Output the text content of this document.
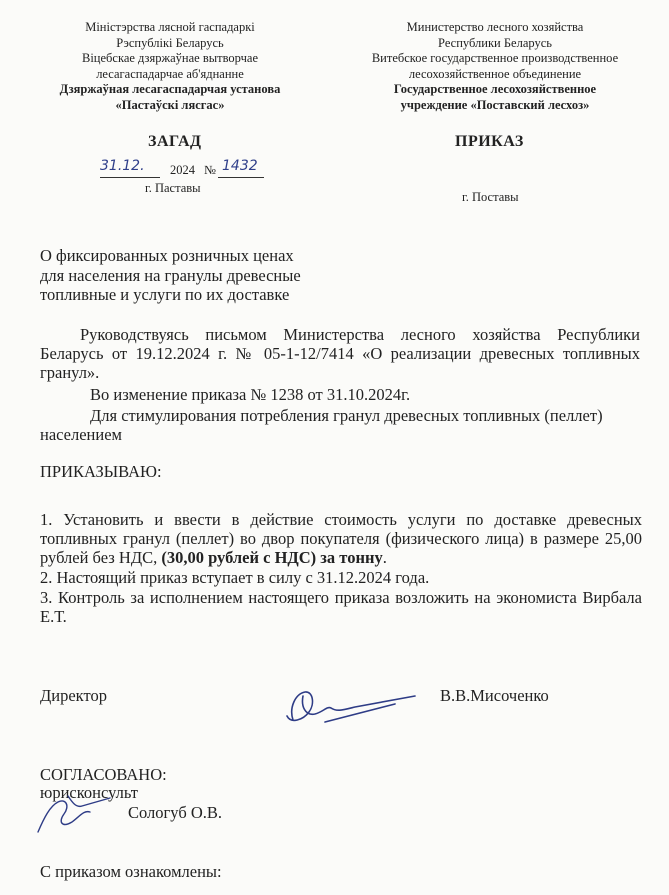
Міністэрства лясной гаспадаркі
Рэспублікі Беларусь
Віцебскае дзяржаўнае вытворчае
лесагаспадарчае аб'яднанне
Дзяржаўная лесагаспадарчая установа
«Пастаўскі лясгас»
Министерство лесного хозяйства
Республики Беларусь
Витебское государственное производственное
лесохозяйственное объединение
Государственное лесохозяйственное
учреждение «Поставский лесхоз»
ЗАГАД	ПРИКАЗ
31.12. 2024 № 1432
г. Паставы
г. Поставы
О фиксированных розничных ценах
для населения на гранулы древесные
топливные и услуги по их доставке
Руководствуясь письмом Министерства лесного хозяйства Республики Беларусь от 19.12.2024 г. № 05-1-12/7414 «О реализации древесных топливных гранул».
Во изменение приказа № 1238 от 31.10.2024г.
Для стимулирования потребления гранул древесных топливных (пеллет) населением
ПРИКАЗЫВАЮ:
1. Установить и ввести в действие стоимость услуги по доставке древесных топливных гранул (пеллет) во двор покупателя (физического лица) в размере 25,00 рублей без НДС, (30,00 рублей с НДС) за тонну.
2. Настоящий приказ вступает в силу с 31.12.2024 года.
3. Контроль за исполнением настоящего приказа возложить на экономиста Вирбала Е.Т.
Директор	В.В.Мисоченко
СОГЛАСОВАНО:
юрисконсульт
Сологуб О.В.
С приказом ознакомлены:
